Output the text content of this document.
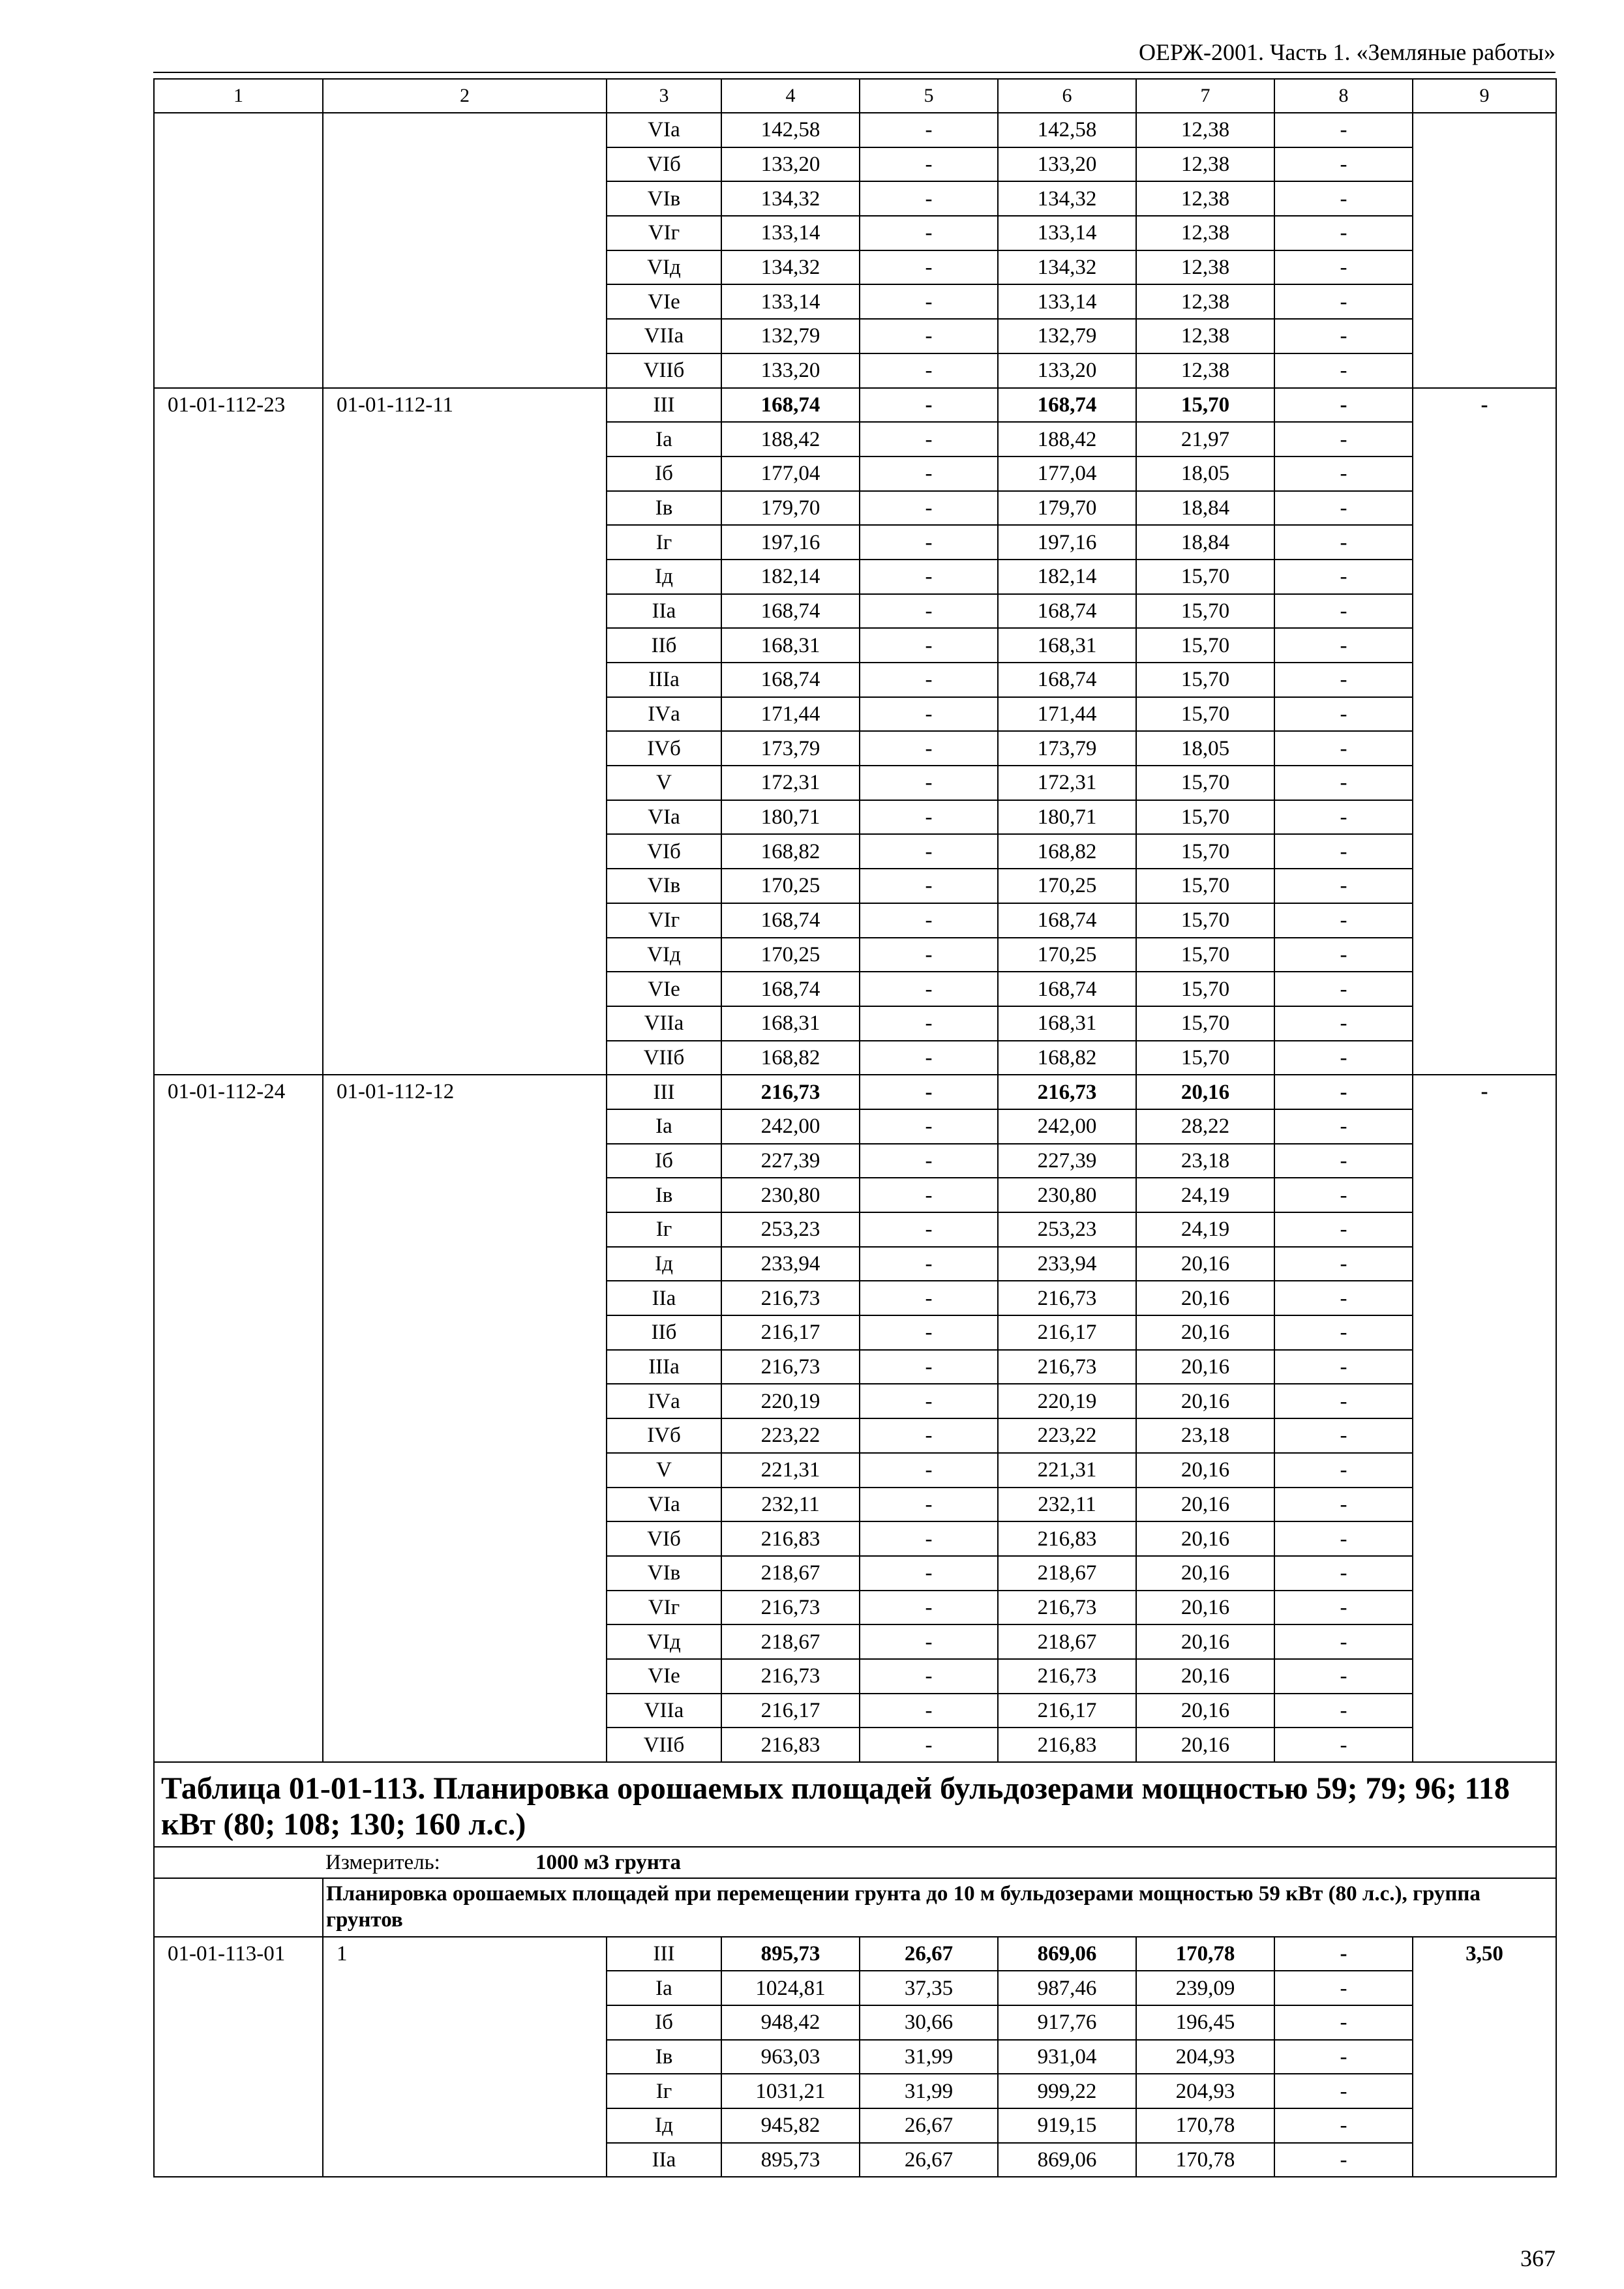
ОЕРЖ-2001. Часть 1. «Земляные работы»
1	2	3	4	5	6	7	8	9
		VIа	142,58	-	142,58	12,38	-	
		VIб	133,20	-	133,20	12,38	-	
		VIв	134,32	-	134,32	12,38	-	
		VIг	133,14	-	133,14	12,38	-	
		VIд	134,32	-	134,32	12,38	-	
		VIе	133,14	-	133,14	12,38	-	
		VIIа	132,79	-	132,79	12,38	-	
		VIIб	133,20	-	133,20	12,38	-	
01-01-112-23	01-01-112-11	III	168,74	-	168,74	15,70	-	-
		Iа	188,42	-	188,42	21,97	-	
		Iб	177,04	-	177,04	18,05	-	
		Iв	179,70	-	179,70	18,84	-	
		Iг	197,16	-	197,16	18,84	-	
		Iд	182,14	-	182,14	15,70	-	
		IIа	168,74	-	168,74	15,70	-	
		IIб	168,31	-	168,31	15,70	-	
		IIIа	168,74	-	168,74	15,70	-	
		IVа	171,44	-	171,44	15,70	-	
		IVб	173,79	-	173,79	18,05	-	
		V	172,31	-	172,31	15,70	-	
		VIа	180,71	-	180,71	15,70	-	
		VIб	168,82	-	168,82	15,70	-	
		VIв	170,25	-	170,25	15,70	-	
		VIг	168,74	-	168,74	15,70	-	
		VIд	170,25	-	170,25	15,70	-	
		VIе	168,74	-	168,74	15,70	-	
		VIIа	168,31	-	168,31	15,70	-	
		VIIб	168,82	-	168,82	15,70	-	
01-01-112-24	01-01-112-12	III	216,73	-	216,73	20,16	-	-
		Iа	242,00	-	242,00	28,22	-	
		Iб	227,39	-	227,39	23,18	-	
		Iв	230,80	-	230,80	24,19	-	
		Iг	253,23	-	253,23	24,19	-	
		Iд	233,94	-	233,94	20,16	-	
		IIа	216,73	-	216,73	20,16	-	
		IIб	216,17	-	216,17	20,16	-	
		IIIа	216,73	-	216,73	20,16	-	
		IVа	220,19	-	220,19	20,16	-	
		IVб	223,22	-	223,22	23,18	-	
		V	221,31	-	221,31	20,16	-	
		VIа	232,11	-	232,11	20,16	-	
		VIб	216,83	-	216,83	20,16	-	
		VIв	218,67	-	218,67	20,16	-	
		VIг	216,73	-	216,73	20,16	-	
		VIд	218,67	-	218,67	20,16	-	
		VIе	216,73	-	216,73	20,16	-	
		VIIа	216,17	-	216,17	20,16	-	
		VIIб	216,83	-	216,83	20,16	-	
Таблица 01-01-113. Планировка орошаемых площадей бульдозерами мощностью 59; 79; 96; 118 кВт (80; 108; 130; 160 л.с.)								
	Измеритель: 1000 м3 грунта							
	Планировка орошаемых площадей при перемещении грунта до 10 м бульдозерами мощностью 59 кВт (80 л.с.), группа грунтов							
01-01-113-01	1	III	895,73	26,67	869,06	170,78	-	3,50
		Iа	1024,81	37,35	987,46	239,09	-	
		Iб	948,42	30,66	917,76	196,45	-	
		Iв	963,03	31,99	931,04	204,93	-	
		Iг	1031,21	31,99	999,22	204,93	-	
		Iд	945,82	26,67	919,15	170,78	-	
		IIа	895,73	26,67	869,06	170,78	-	
367
